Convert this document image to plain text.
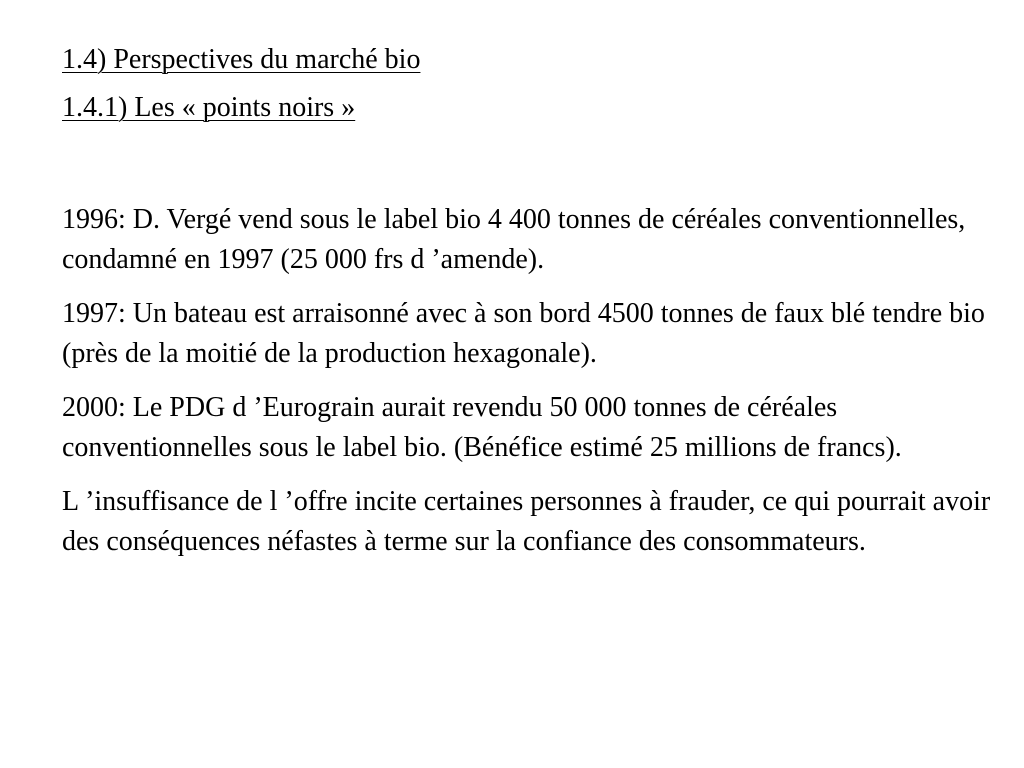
1.4) Perspectives du marché bio

1.4.1) Les « points noirs »

1996: D. Vergé vend sous le label bio 4 400 tonnes de céréales conventionnelles, condamné en 1997 (25 000 frs d ’amende).

1997: Un bateau est arraisonné avec à son bord 4500 tonnes de faux blé tendre bio (près de la moitié de la production hexagonale).

2000: Le PDG d ’Eurograin aurait revendu 50 000 tonnes de céréales conventionnelles sous le label bio. (Bénéfice estimé 25 millions de francs).

L ’insuffisance de l ’offre incite certaines personnes à frauder, ce qui pourrait avoir des conséquences néfastes à terme sur la confiance des consommateurs.
